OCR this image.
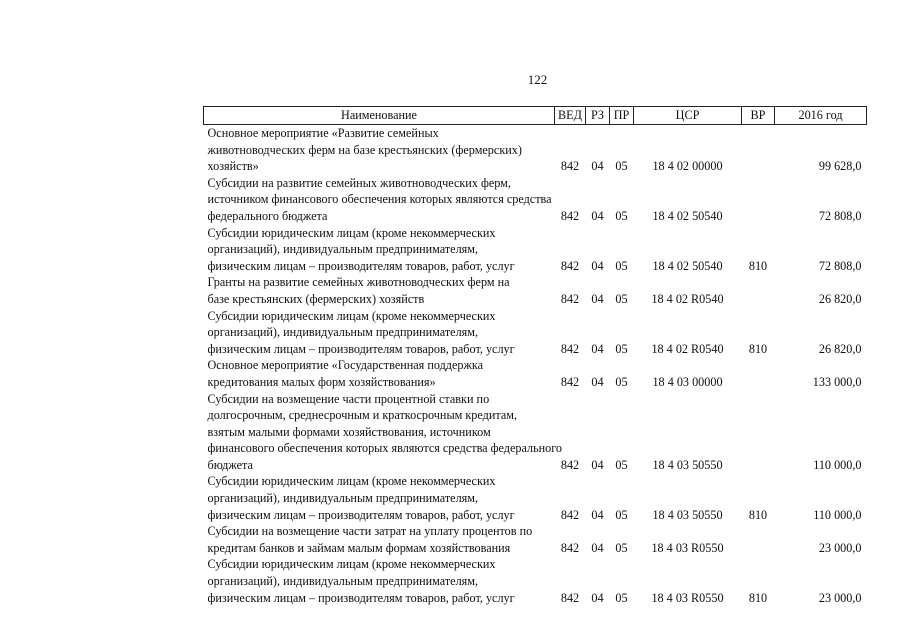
122
Наименование	ВЕД	РЗ	ПР	ЦСР	ВР	2016 год

Основное мероприятие «Развитие семейных
животноводческих ферм на базе крестьянских (фермерских)
хозяйств»	842	04	05	18 4 02 00000		99 628,0

Субсидии на развитие семейных животноводческих ферм,
источником финансового обеспечения которых являются средства
федерального бюджета	842	04	05	18 4 02 50540		72 808,0

Субсидии юридическим лицам (кроме некоммерческих
организаций), индивидуальным предпринимателям,
физическим лицам – производителям товаров, работ, услуг	842	04	05	18 4 02 50540	810	72 808,0

Гранты на развитие семейных животноводческих ферм на
базе крестьянских (фермерских) хозяйств	842	04	05	18 4 02 R0540		26 820,0

Субсидии юридическим лицам (кроме некоммерческих
организаций), индивидуальным предпринимателям,
физическим лицам – производителям товаров, работ, услуг	842	04	05	18 4 02 R0540	810	26 820,0

Основное мероприятие «Государственная поддержка
кредитования малых форм хозяйствования»	842	04	05	18 4 03 00000		133 000,0

Субсидии на возмещение части процентной ставки по
долгосрочным, среднесрочным и краткосрочным кредитам,
взятым малыми формами хозяйствования, источником
финансового обеспечения которых являются средства федерального
бюджета	842	04	05	18 4 03 50550		110 000,0

Субсидии юридическим лицам (кроме некоммерческих
организаций), индивидуальным предпринимателям,
физическим лицам – производителям товаров, работ, услуг	842	04	05	18 4 03 50550	810	110 000,0

Субсидии на возмещение части затрат на уплату процентов по
кредитам банков и займам малым формам хозяйствования	842	04	05	18 4 03 R0550		23 000,0

Субсидии юридическим лицам (кроме некоммерческих
организаций), индивидуальным предпринимателям,
физическим лицам – производителям товаров, работ, услуг	842	04	05	18 4 03 R0550	810	23 000,0
